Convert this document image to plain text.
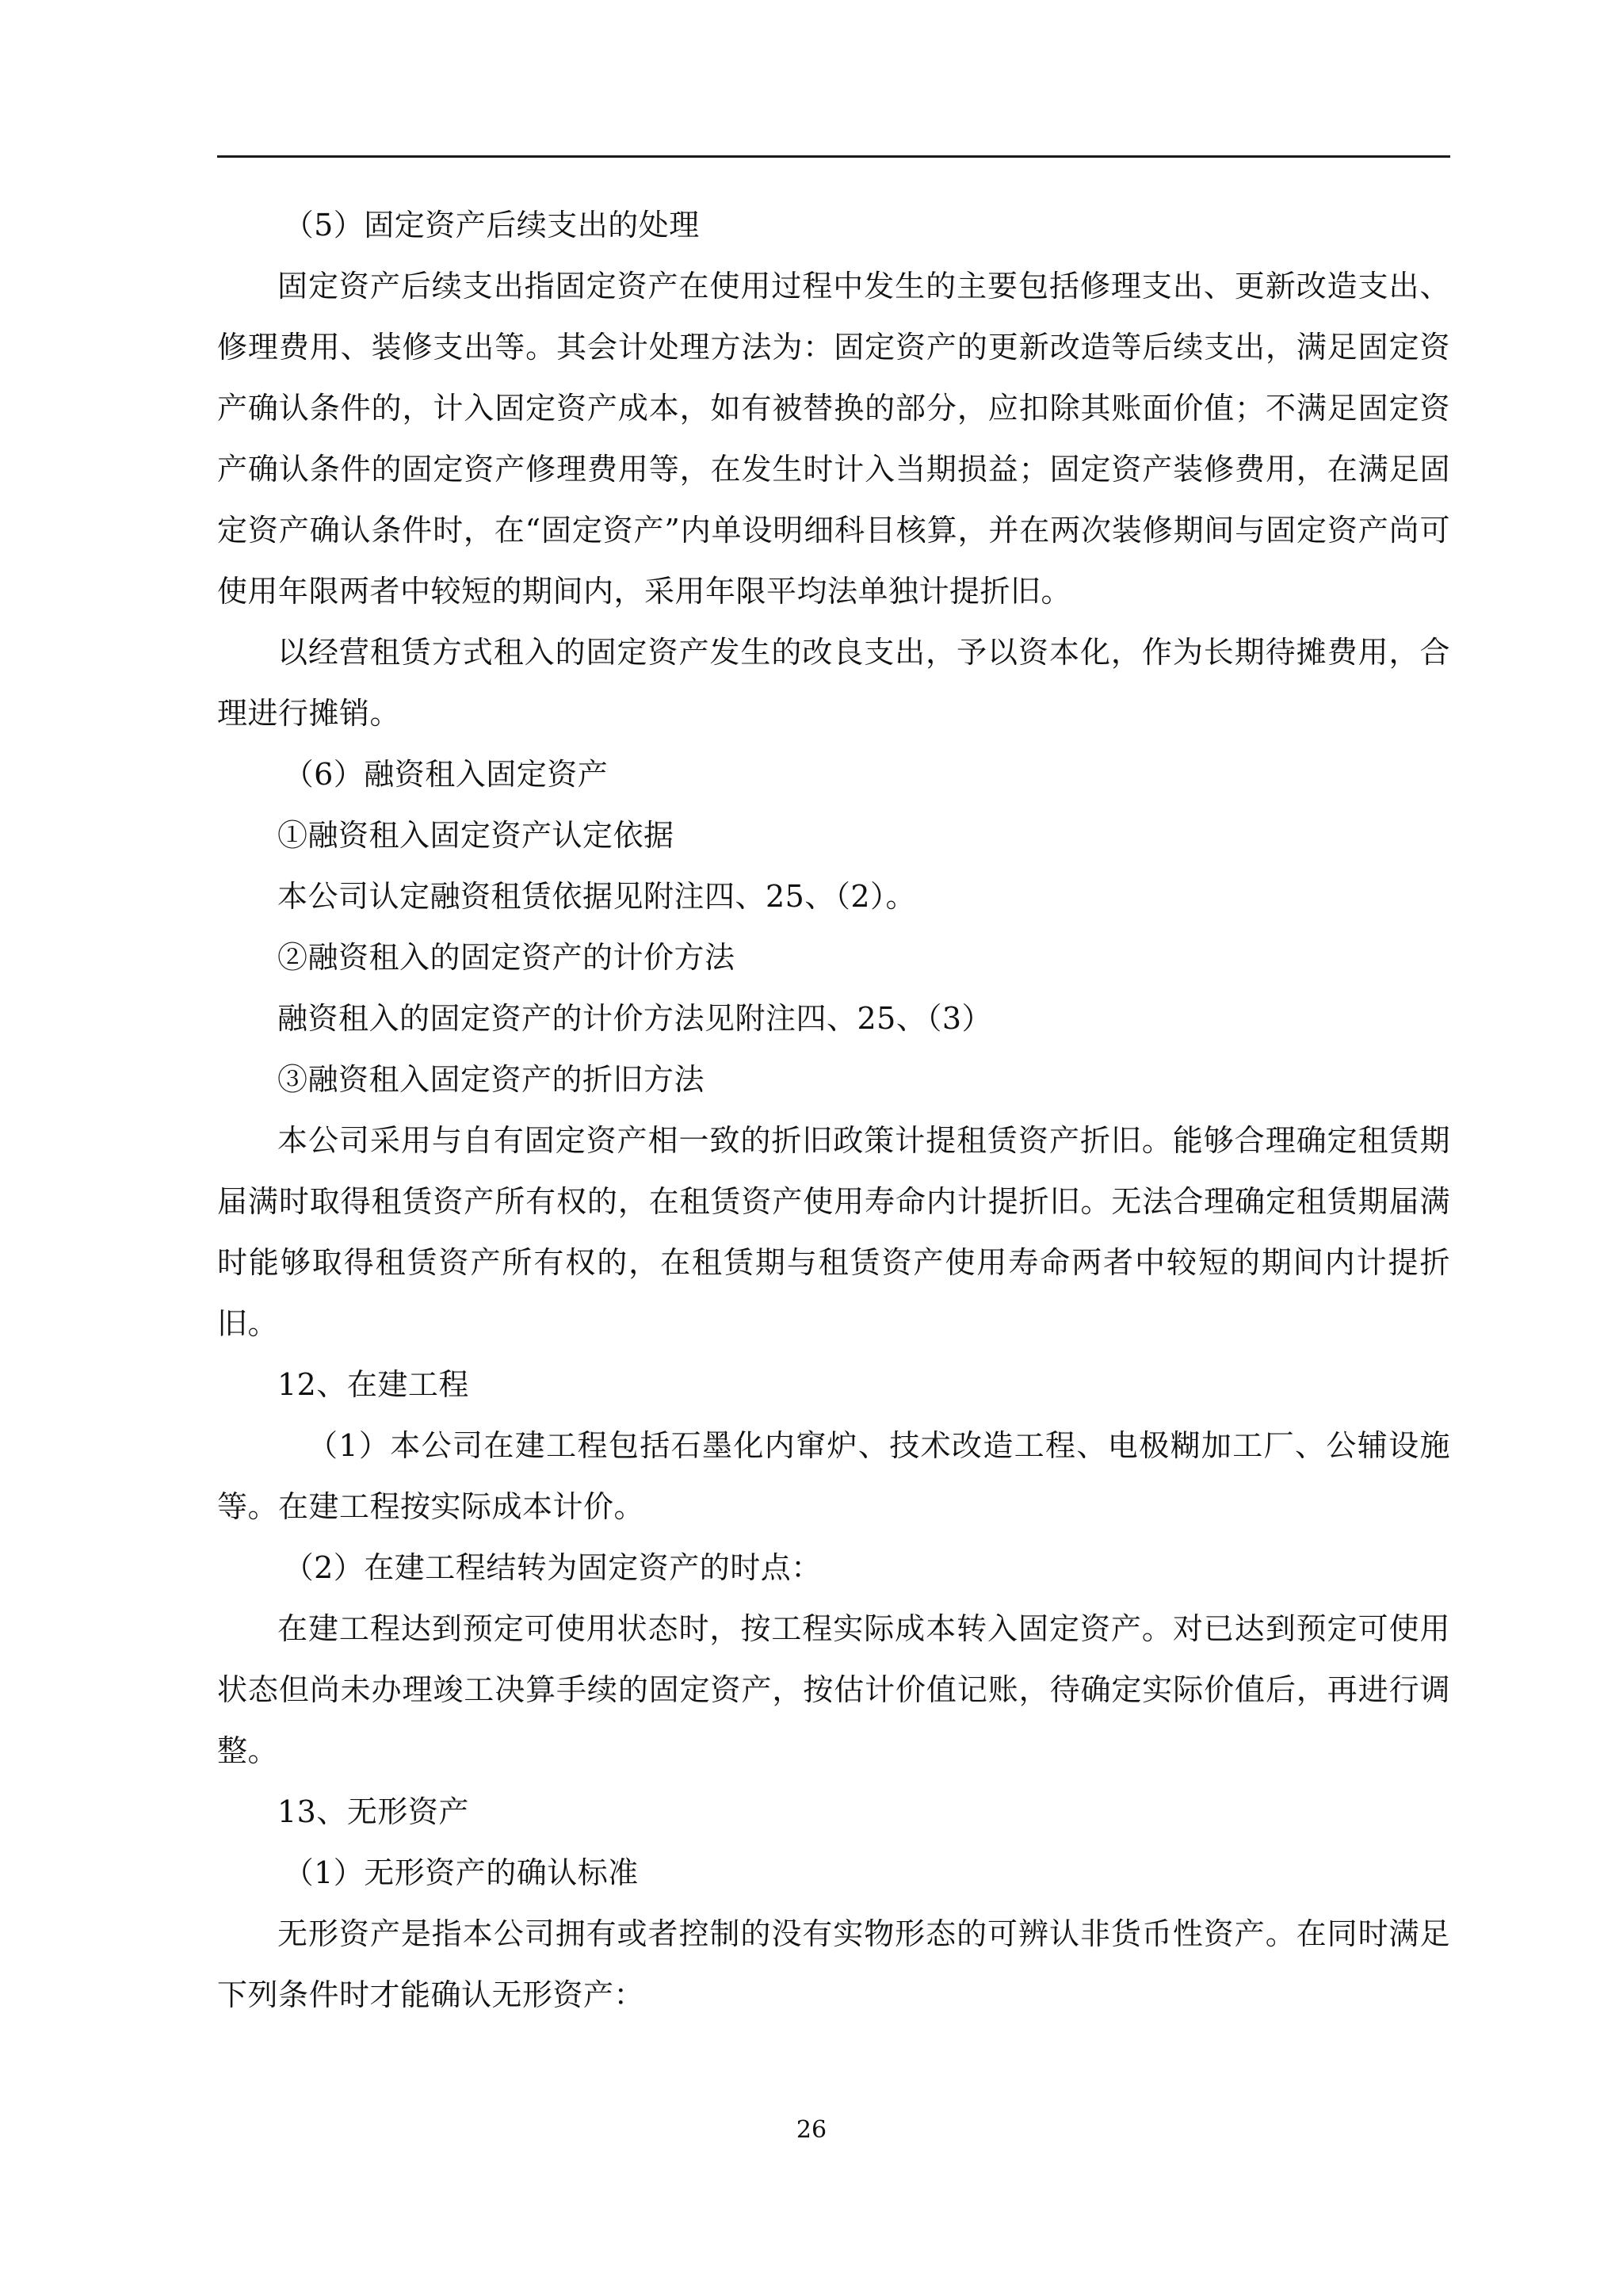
（5）固定资产后续支出的处理

固定资产后续支出指固定资产在使用过程中发生的主要包括修理支出、更新改造支出、修理费用、装修支出等。其会计处理方法为：固定资产的更新改造等后续支出，满足固定资产确认条件的，计入固定资产成本，如有被替换的部分，应扣除其账面价值；不满足固定资产确认条件的固定资产修理费用等，在发生时计入当期损益；固定资产装修费用，在满足固定资产确认条件时，在“固定资产”内单设明细科目核算，并在两次装修期间与固定资产尚可使用年限两者中较短的期间内，采用年限平均法单独计提折旧。

以经营租赁方式租入的固定资产发生的改良支出，予以资本化，作为长期待摊费用，合理进行摊销。

（6）融资租入固定资产

①融资租入固定资产认定依据

本公司认定融资租赁依据见附注四、25、（2）。

②融资租入的固定资产的计价方法

融资租入的固定资产的计价方法见附注四、25、（3）

③融资租入固定资产的折旧方法

本公司采用与自有固定资产相一致的折旧政策计提租赁资产折旧。能够合理确定租赁期届满时取得租赁资产所有权的，在租赁资产使用寿命内计提折旧。无法合理确定租赁期届满时能够取得租赁资产所有权的，在租赁期与租赁资产使用寿命两者中较短的期间内计提折旧。

12、在建工程

（1）本公司在建工程包括石墨化内窜炉、技术改造工程、电极糊加工厂、公辅设施等。在建工程按实际成本计价。

（2）在建工程结转为固定资产的时点：

在建工程达到预定可使用状态时，按工程实际成本转入固定资产。对已达到预定可使用状态但尚未办理竣工决算手续的固定资产，按估计价值记账，待确定实际价值后，再进行调整。

13、无形资产

（1）无形资产的确认标准

无形资产是指本公司拥有或者控制的没有实物形态的可辨认非货币性资产。在同时满足下列条件时才能确认无形资产：

26
